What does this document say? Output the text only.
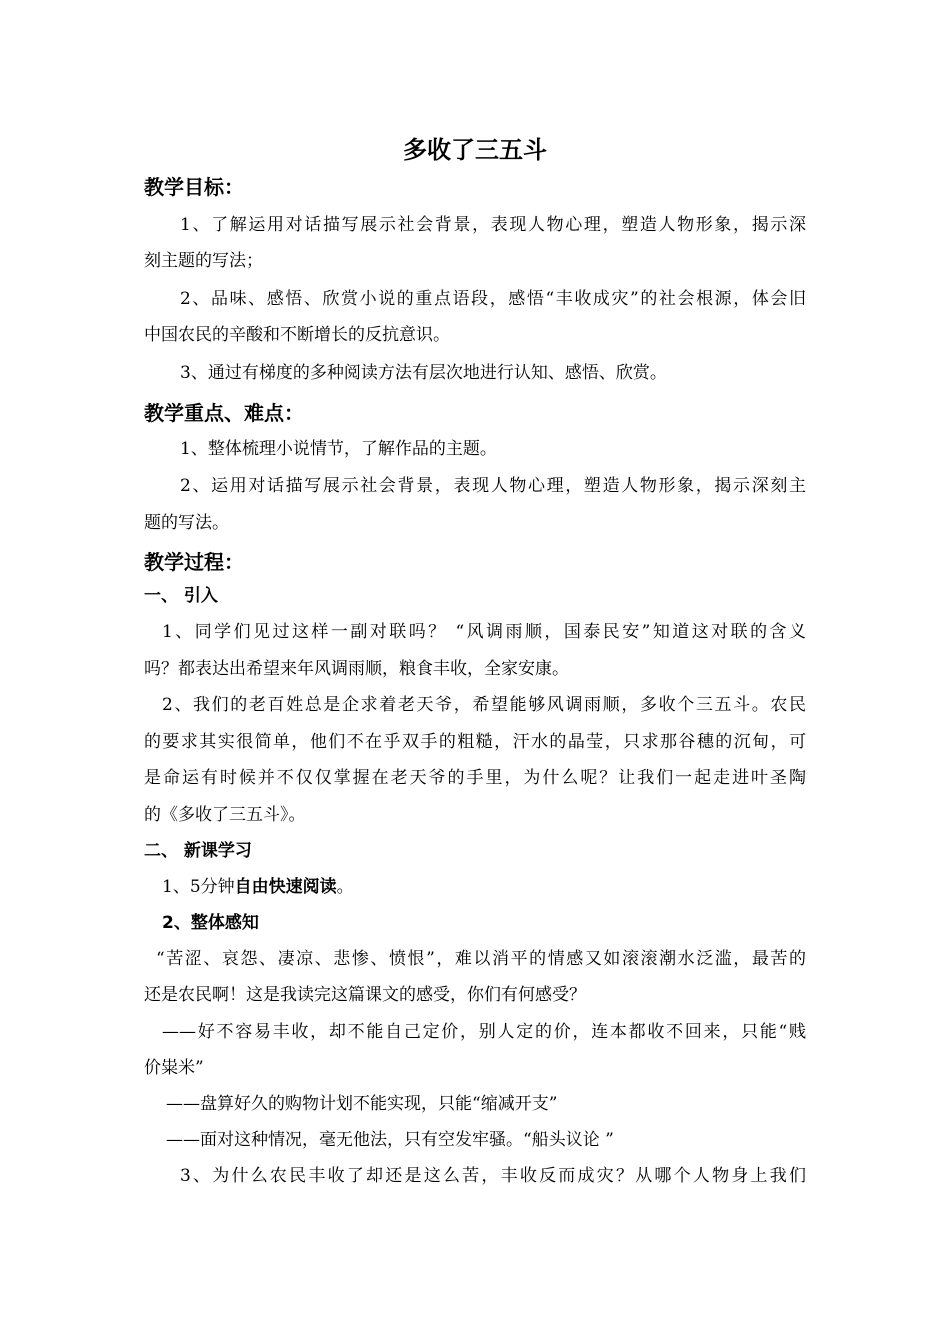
多收了三五斗
教学目标：
1、了解运用对话描写展示社会背景，表现人物心理，塑造人物形象，揭示深
刻主题的写法；
2、品味、感悟、欣赏小说的重点语段，感悟“丰收成灾”的社会根源，体会旧
中国农民的辛酸和不断增长的反抗意识。
3、通过有梯度的多种阅读方法有层次地进行认知、感悟、欣赏。
教学重点、难点：
1、整体梳理小说情节，了解作品的主题。
2、运用对话描写展示社会背景，表现人物心理，塑造人物形象，揭示深刻主
题的写法。
教学过程：
一、 引入
1、同学们见过这样一副对联吗？ “风调雨顺，国泰民安”知道这对联的含义
吗？都表达出希望来年风调雨顺，粮食丰收，全家安康。
2、我们的老百姓总是企求着老天爷，希望能够风调雨顺，多收个三五斗。农民
的要求其实很简单，他们不在乎双手的粗糙，汗水的晶莹，只求那谷穗的沉甸，可
是命运有时候并不仅仅掌握在老天爷的手里，为什么呢？让我们一起走进叶圣陶
的《多收了三五斗》。
二、 新课学习
1、5分钟自由快速阅读。
2、整体感知
“苦涩、哀怨、凄凉、悲惨、愤恨”，难以消平的情感又如滚滚潮水泛滥，最苦的
还是农民啊！这是我读完这篇课文的感受，你们有何感受？
——好不容易丰收，却不能自己定价，别人定的价，连本都收不回来，只能“贱
价粜米”
——盘算好久的购物计划不能实现，只能“缩减开支”
——面对这种情况，毫无他法，只有空发牢骚。“船头议论 ”
3、为什么农民丰收了却还是这么苦，丰收反而成灾？从哪个人物身上我们
